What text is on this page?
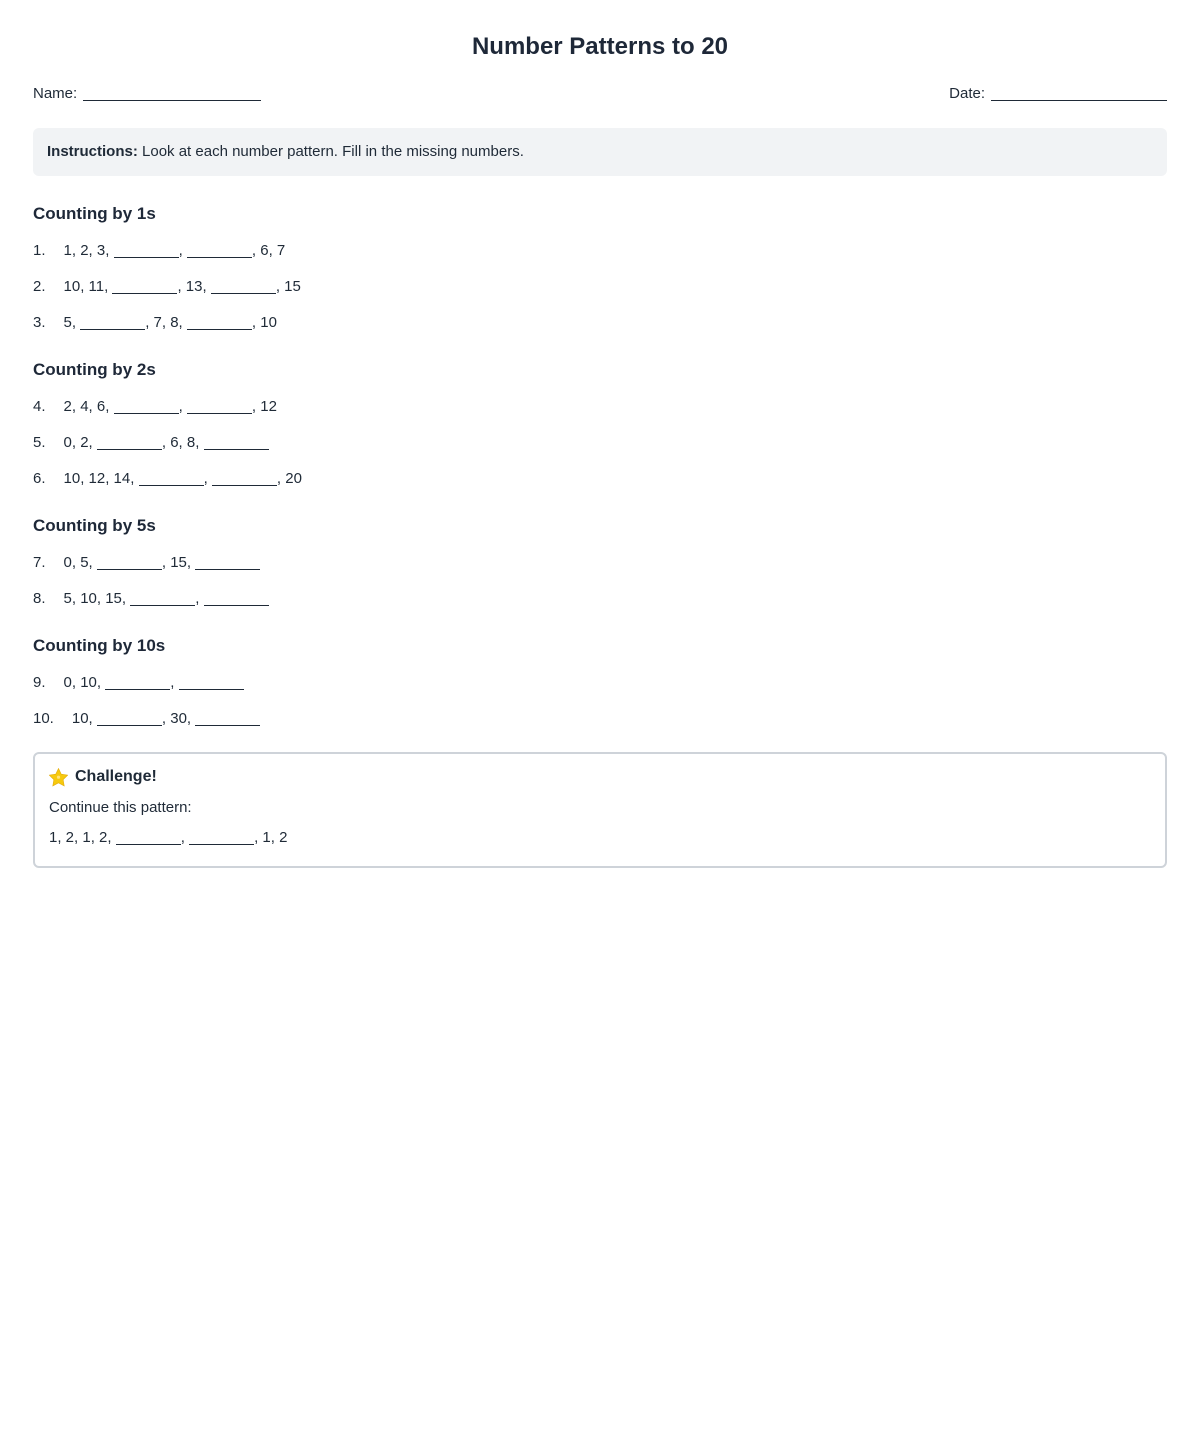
Number Patterns to 20
Name:	Date:
Instructions: Look at each number pattern. Fill in the missing numbers.
Counting by 1s
1. 1, 2, 3,	,	, 6, 7
2. 10, 11,	, 13,	, 15
3. 5,	, 7, 8,	, 10
Counting by 2s
4. 2, 4, 6,	,	, 12
5. 0, 2,	, 6, 8,
6. 10, 12, 14,	,	, 20
Counting by 5s
7. 0, 5,	, 15,
8. 5, 10, 15,	,
Counting by 10s
9. 0, 10,	,
10. 10,	, 30,
Challenge!
Continue this pattern:
1, 2, 1, 2,	,	, 1, 2
